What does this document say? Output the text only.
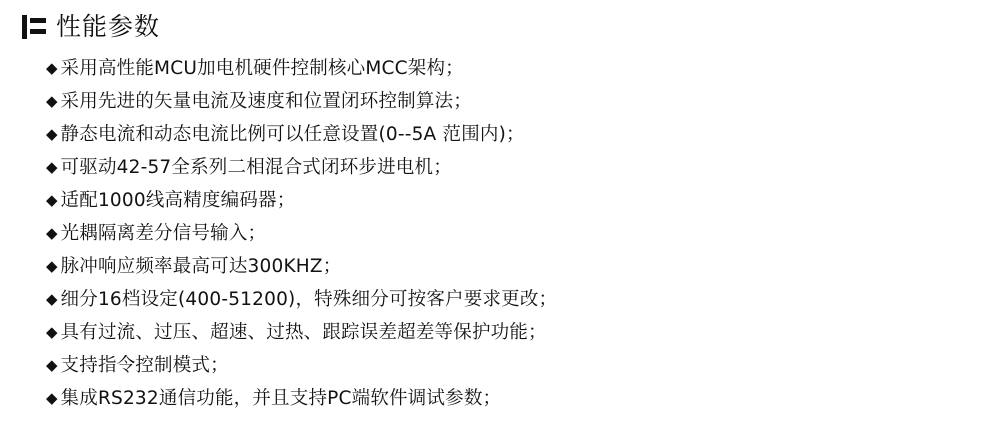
性能参数
◆ 采用高性能MCU加电机硬件控制核心MCC架构；
◆ 采用先进的矢量电流及速度和位置闭环控制算法；
◆ 静态电流和动态电流比例可以任意设置(0--5A 范围内)；
◆ 可驱动42-57全系列二相混合式闭环步进电机；
◆ 适配1000线高精度编码器；
◆ 光耦隔离差分信号输入；
◆ 脉冲响应频率最高可达300KHZ；
◆ 细分16档设定(400-51200)，特殊细分可按客户要求更改；
◆ 具有过流、过压、超速、过热、跟踪误差超差等保护功能；
◆ 支持指令控制模式；
◆ 集成RS232通信功能，并且支持PC端软件调试参数；
